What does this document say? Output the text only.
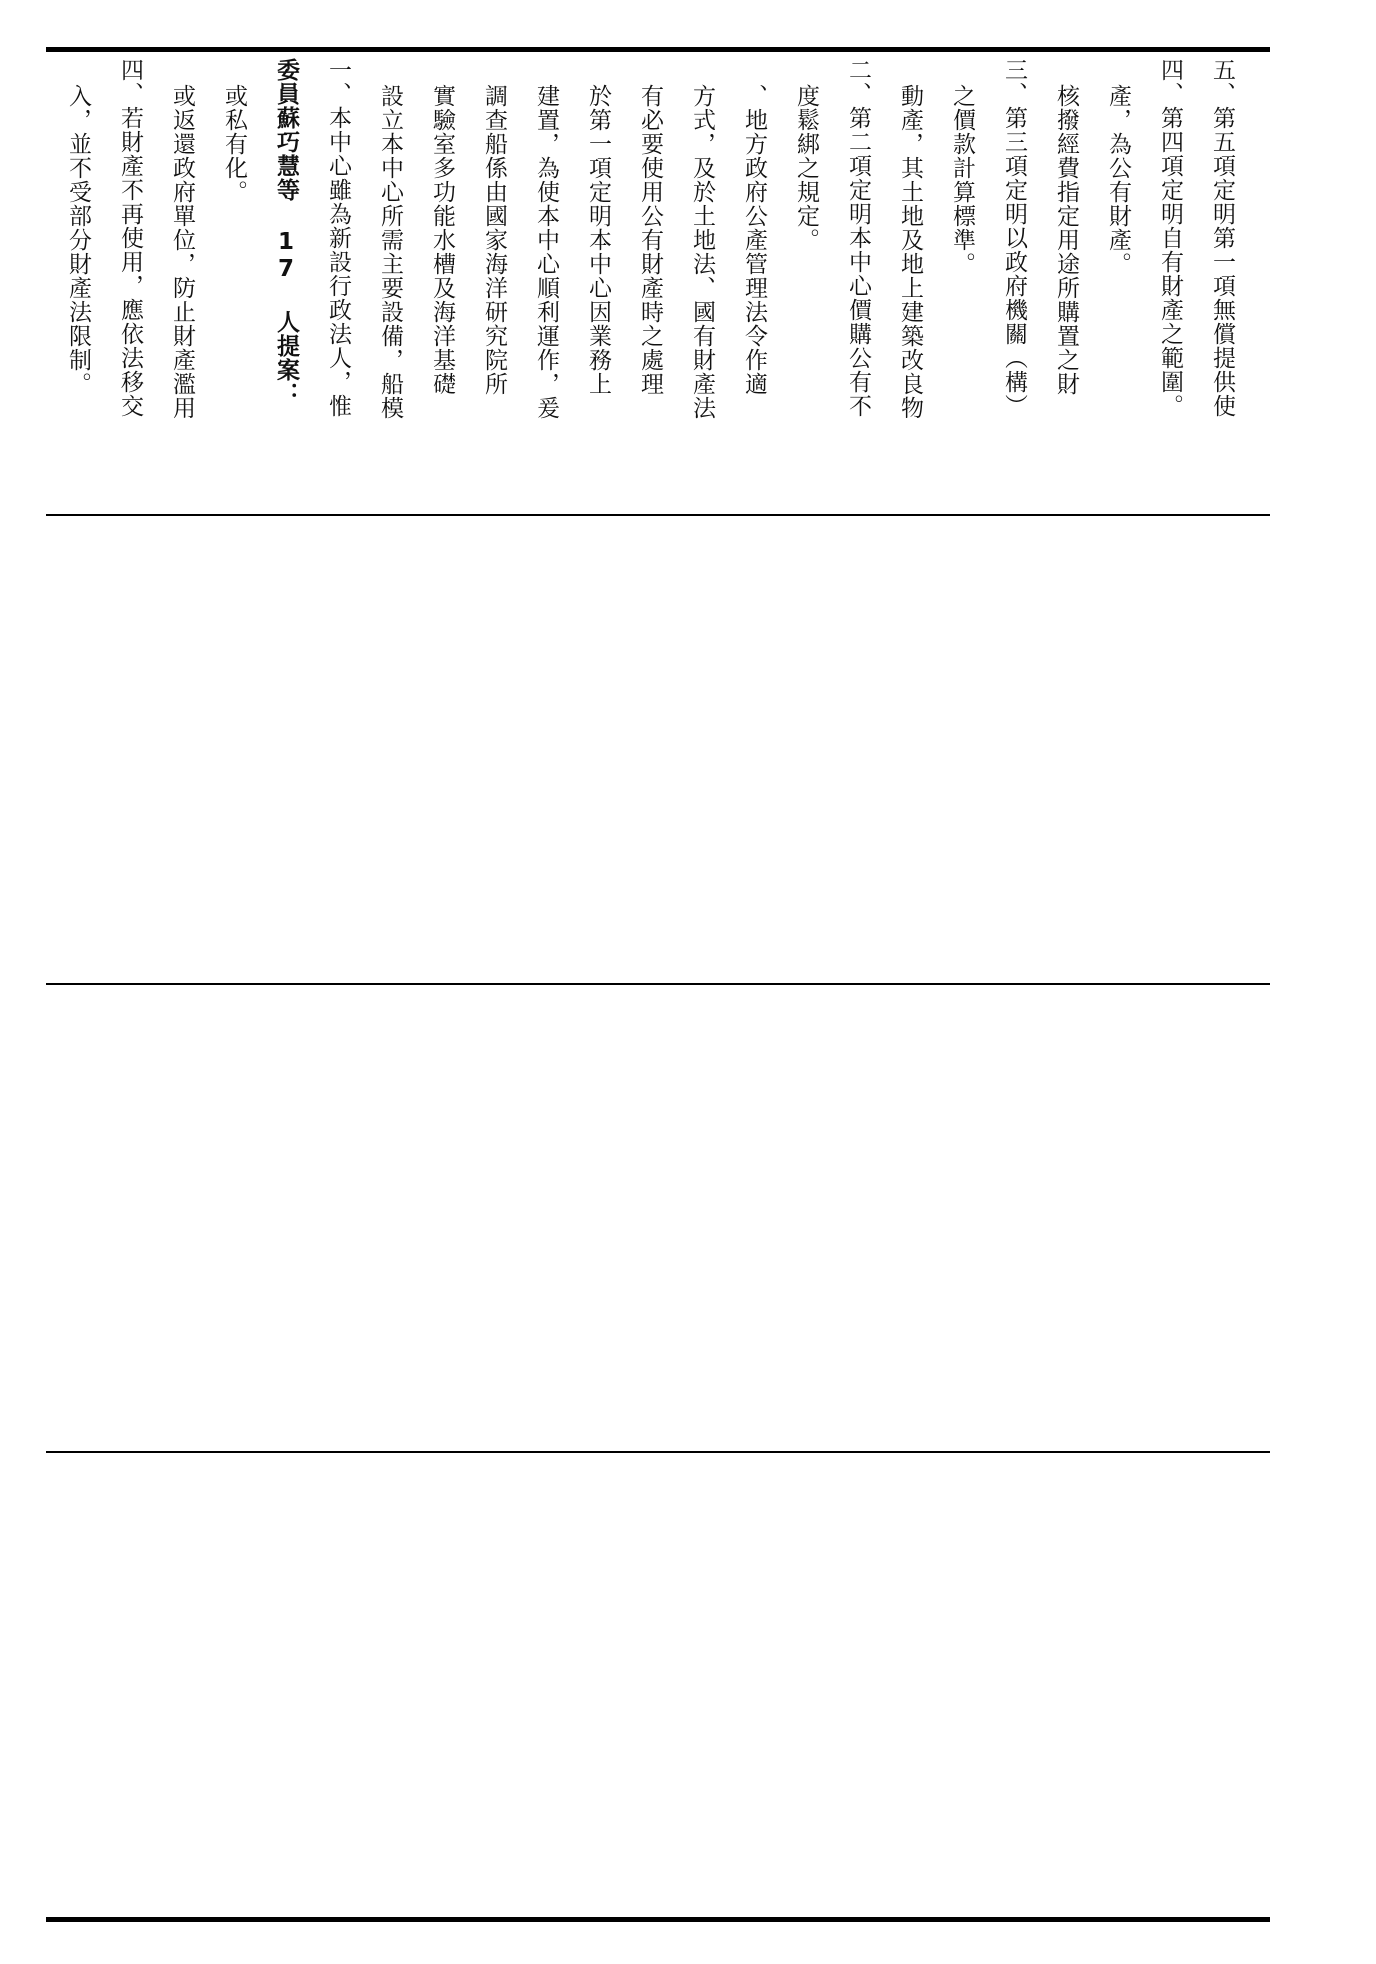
入，並不受部分財產法限制。	四、若財產不再使用，應依法移交	或返還政府單位，防止財產濫用	或私有化。	委員蘇巧慧等 17 人提案：	一、本中心雖為新設行政法人，惟	設立本中心所需主要設備，船模	實驗室多功能水槽及海洋基礎	調查船係由國家海洋研究院所	建置，為使本中心順利運作，爰	於第一項定明本中心因業務上	有必要使用公有財產時之處理	方式，及於土地法、國有財產法	、地方政府公產管理法令作適	度鬆綁之規定。	二、第二項定明本中心價購公有不	動產，其土地及地上建築改良物	之價款計算標準。	三、第三項定明以政府機關（構）	核撥經費指定用途所購置之財	產，為公有財產。	四、第四項定明自有財產之範圍。	五、第五項定明第一項無償提供使
